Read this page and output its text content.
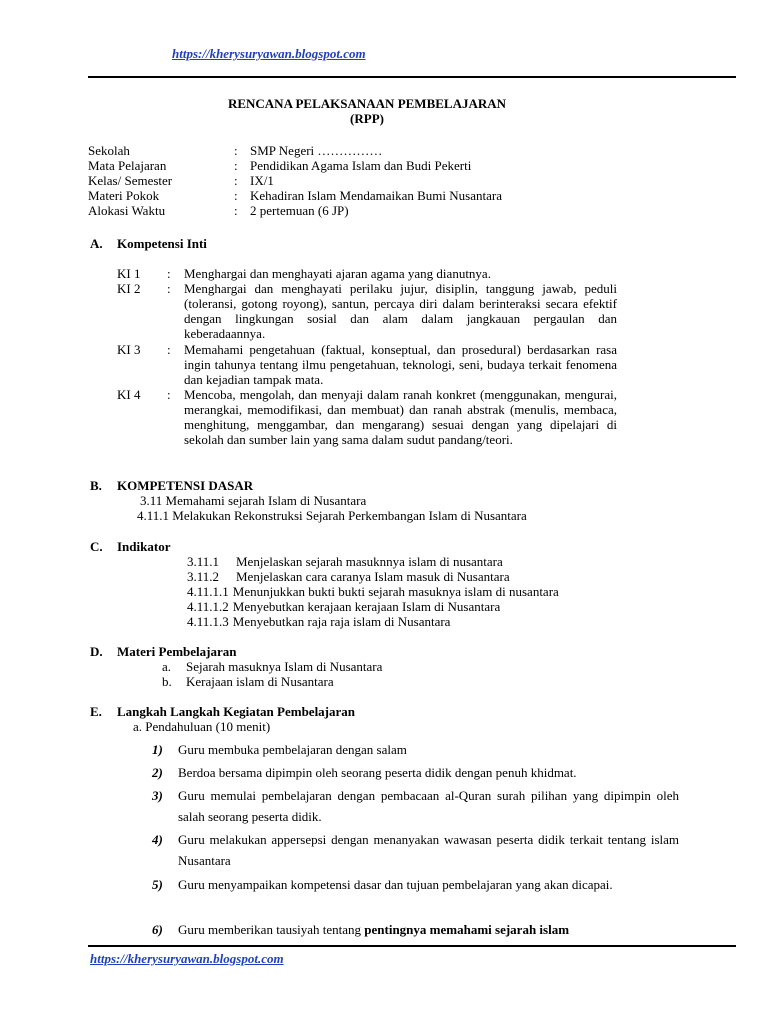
https://kherysuryawan.blogspot.com
RENCANA PELAKSANAAN PEMBELAJARAN
(RPP)
Sekolah	: SMP Negeri ……………
Mata Pelajaran	: Pendidikan Agama Islam dan Budi Pekerti
Kelas/ Semester	: IX/1
Materi Pokok	: Kehadiran Islam Mendamaikan Bumi Nusantara
Alokasi Waktu	: 2 pertemuan (6 JP)
A. Kompetensi Inti
KI 1 : Menghargai dan menghayati ajaran agama yang dianutnya.
KI 2 : Menghargai dan menghayati perilaku jujur, disiplin, tanggung jawab, peduli (toleransi, gotong royong), santun, percaya diri dalam berinteraksi secara efektif dengan lingkungan sosial dan alam dalam jangkauan pergaulan dan keberadaannya.
KI 3 : Memahami pengetahuan (faktual, konseptual, dan prosedural) berdasarkan rasa ingin tahunya tentang ilmu pengetahuan, teknologi, seni, budaya terkait fenomena dan kejadian tampak mata.
KI 4 : Mencoba, mengolah, dan menyaji dalam ranah konkret (menggunakan, mengurai, merangkai, memodifikasi, dan membuat) dan ranah abstrak (menulis, membaca, menghitung, menggambar, dan mengarang) sesuai dengan yang dipelajari di sekolah dan sumber lain yang sama dalam sudut pandang/teori.
B. KOMPETENSI DASAR
3.11 Memahami sejarah Islam di Nusantara
4.11.1 Melakukan Rekonstruksi Sejarah Perkembangan Islam di Nusantara
C. Indikator
3.11.1 Menjelaskan sejarah masuknnya islam di nusantara
3.11.2 Menjelaskan cara caranya Islam masuk di Nusantara
4.11.1.1 Menunjukkan bukti bukti sejarah masuknya islam di nusantara
4.11.1.2 Menyebutkan kerajaan kerajaan Islam di Nusantara
4.11.1.3 Menyebutkan raja raja islam di Nusantara
D. Materi Pembelajaran
a. Sejarah masuknya Islam di Nusantara
b. Kerajaan islam di Nusantara
E. Langkah Langkah Kegiatan Pembelajaran
a. Pendahuluan (10 menit)
1) Guru membuka pembelajaran dengan salam
2) Berdoa bersama dipimpin oleh seorang peserta didik dengan penuh khidmat.
3) Guru memulai pembelajaran dengan pembacaan al-Quran surah pilihan yang dipimpin oleh salah seorang peserta didik.
4) Guru melakukan appersepsi dengan menanyakan wawasan peserta didik terkait tentang islam Nusantara
5) Guru menyampaikan kompetensi dasar dan tujuan pembelajaran yang akan dicapai.
6) Guru memberikan tausiyah tentang pentingnya memahami sejarah islam
https://kherysuryawan.blogspot.com
